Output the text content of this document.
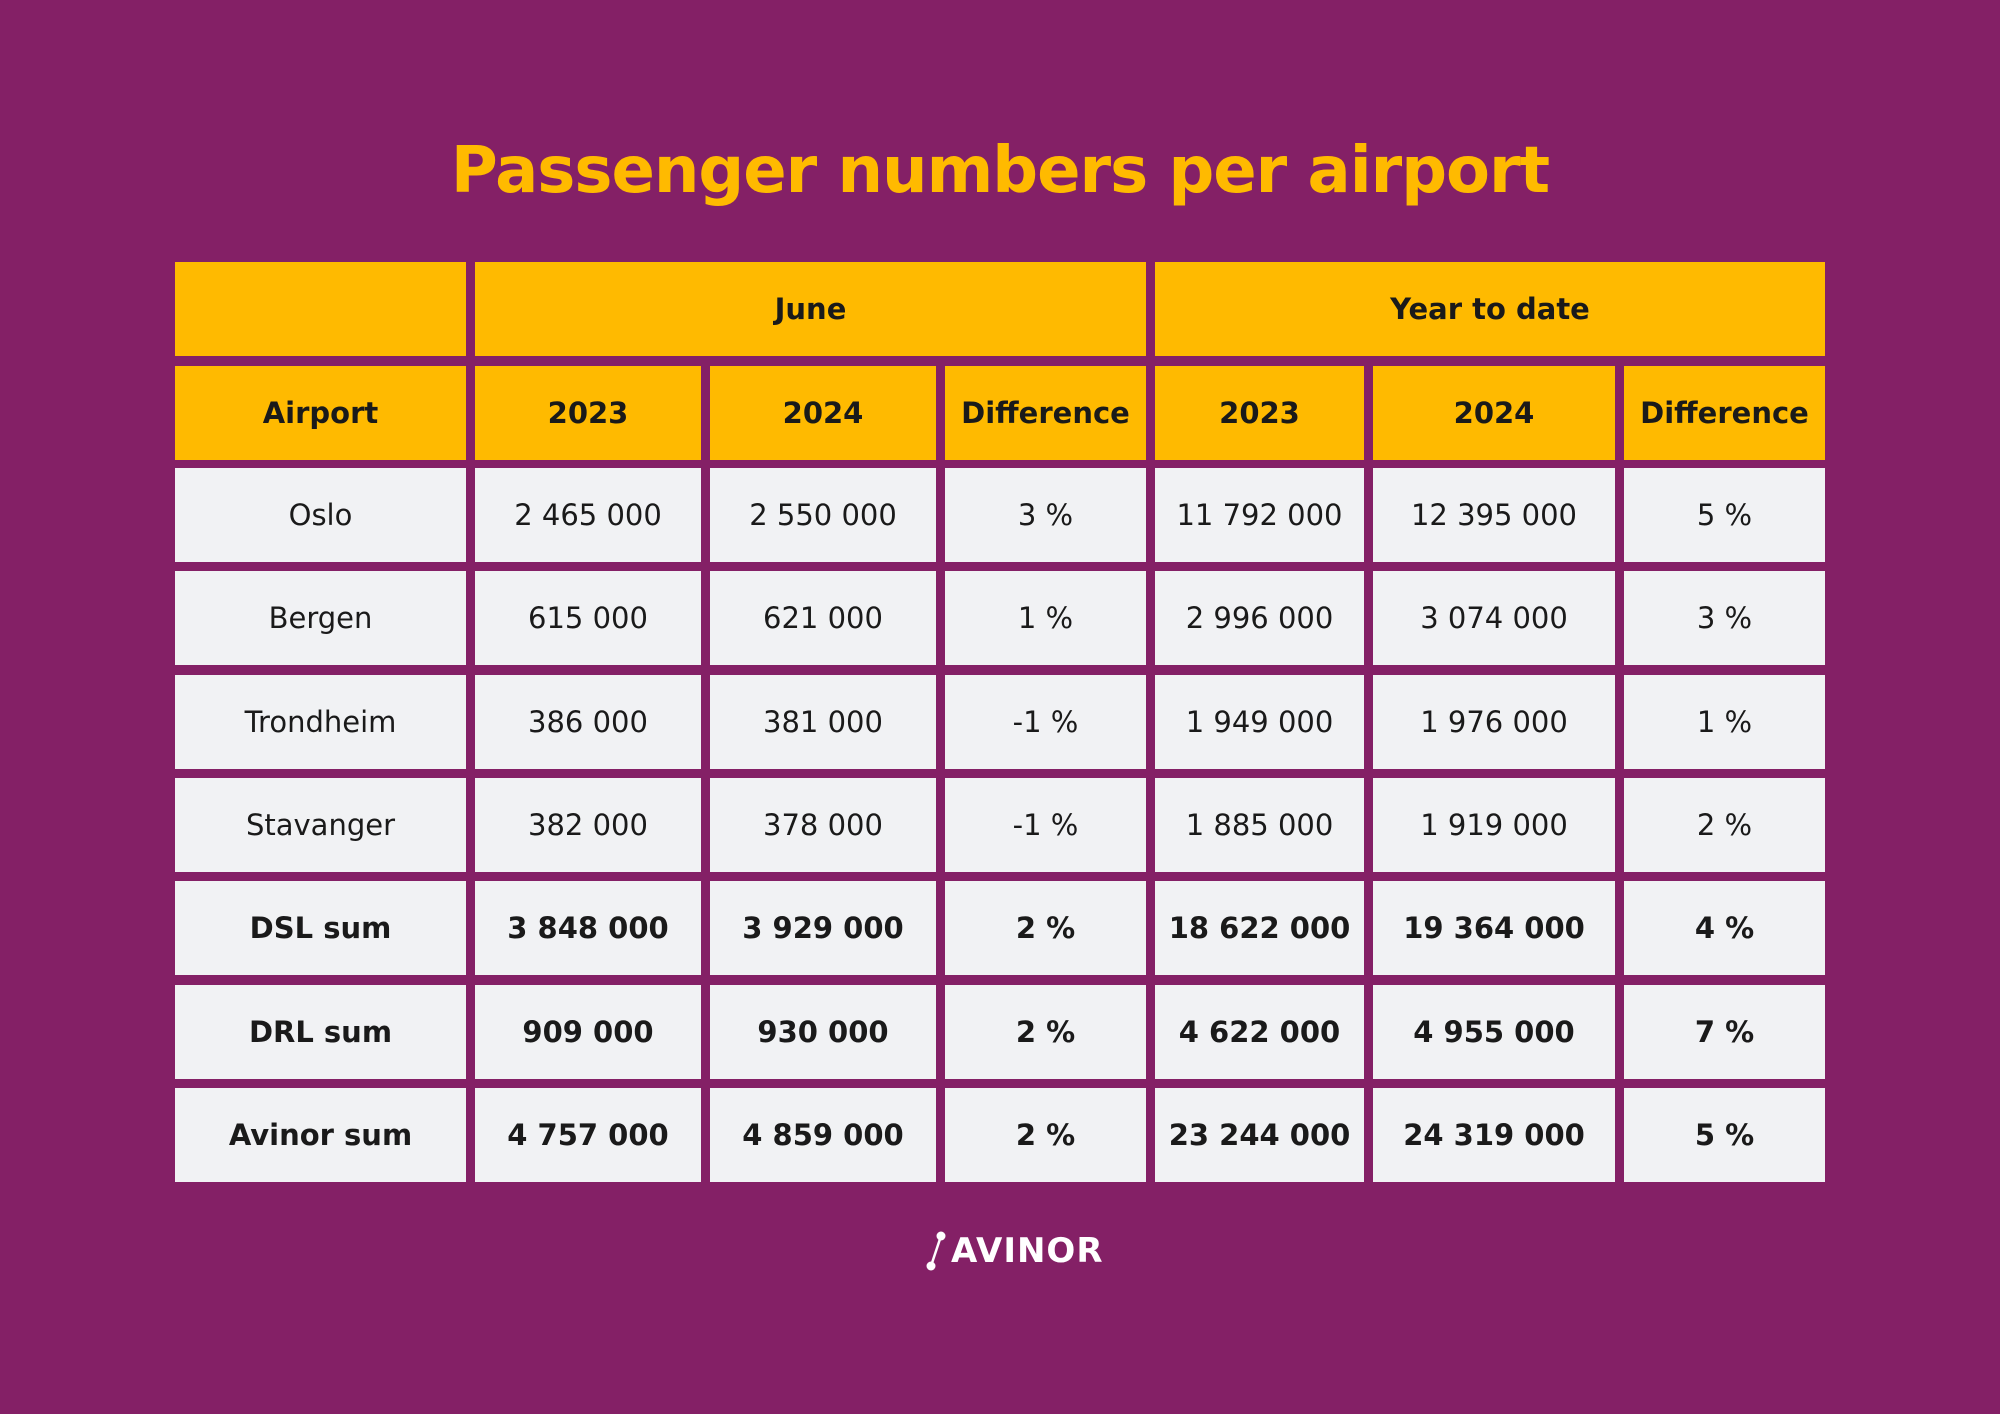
Passenger numbers per airport
June	Year to date
Airport	2023	2024	Difference	2023	2024	Difference
Oslo	2 465 000	2 550 000	3 %	11 792 000	12 395 000	5 %
Bergen	615 000	621 000	1 %	2 996 000	3 074 000	3 %
Trondheim	386 000	381 000	-1 %	1 949 000	1 976 000	1 %
Stavanger	382 000	378 000	-1 %	1 885 000	1 919 000	2 %
DSL sum	3 848 000	3 929 000	2 %	18 622 000	19 364 000	4 %
DRL sum	909 000	930 000	2 %	4 622 000	4 955 000	7 %
Avinor sum	4 757 000	4 859 000	2 %	23 244 000	24 319 000	5 %
AVINOR
